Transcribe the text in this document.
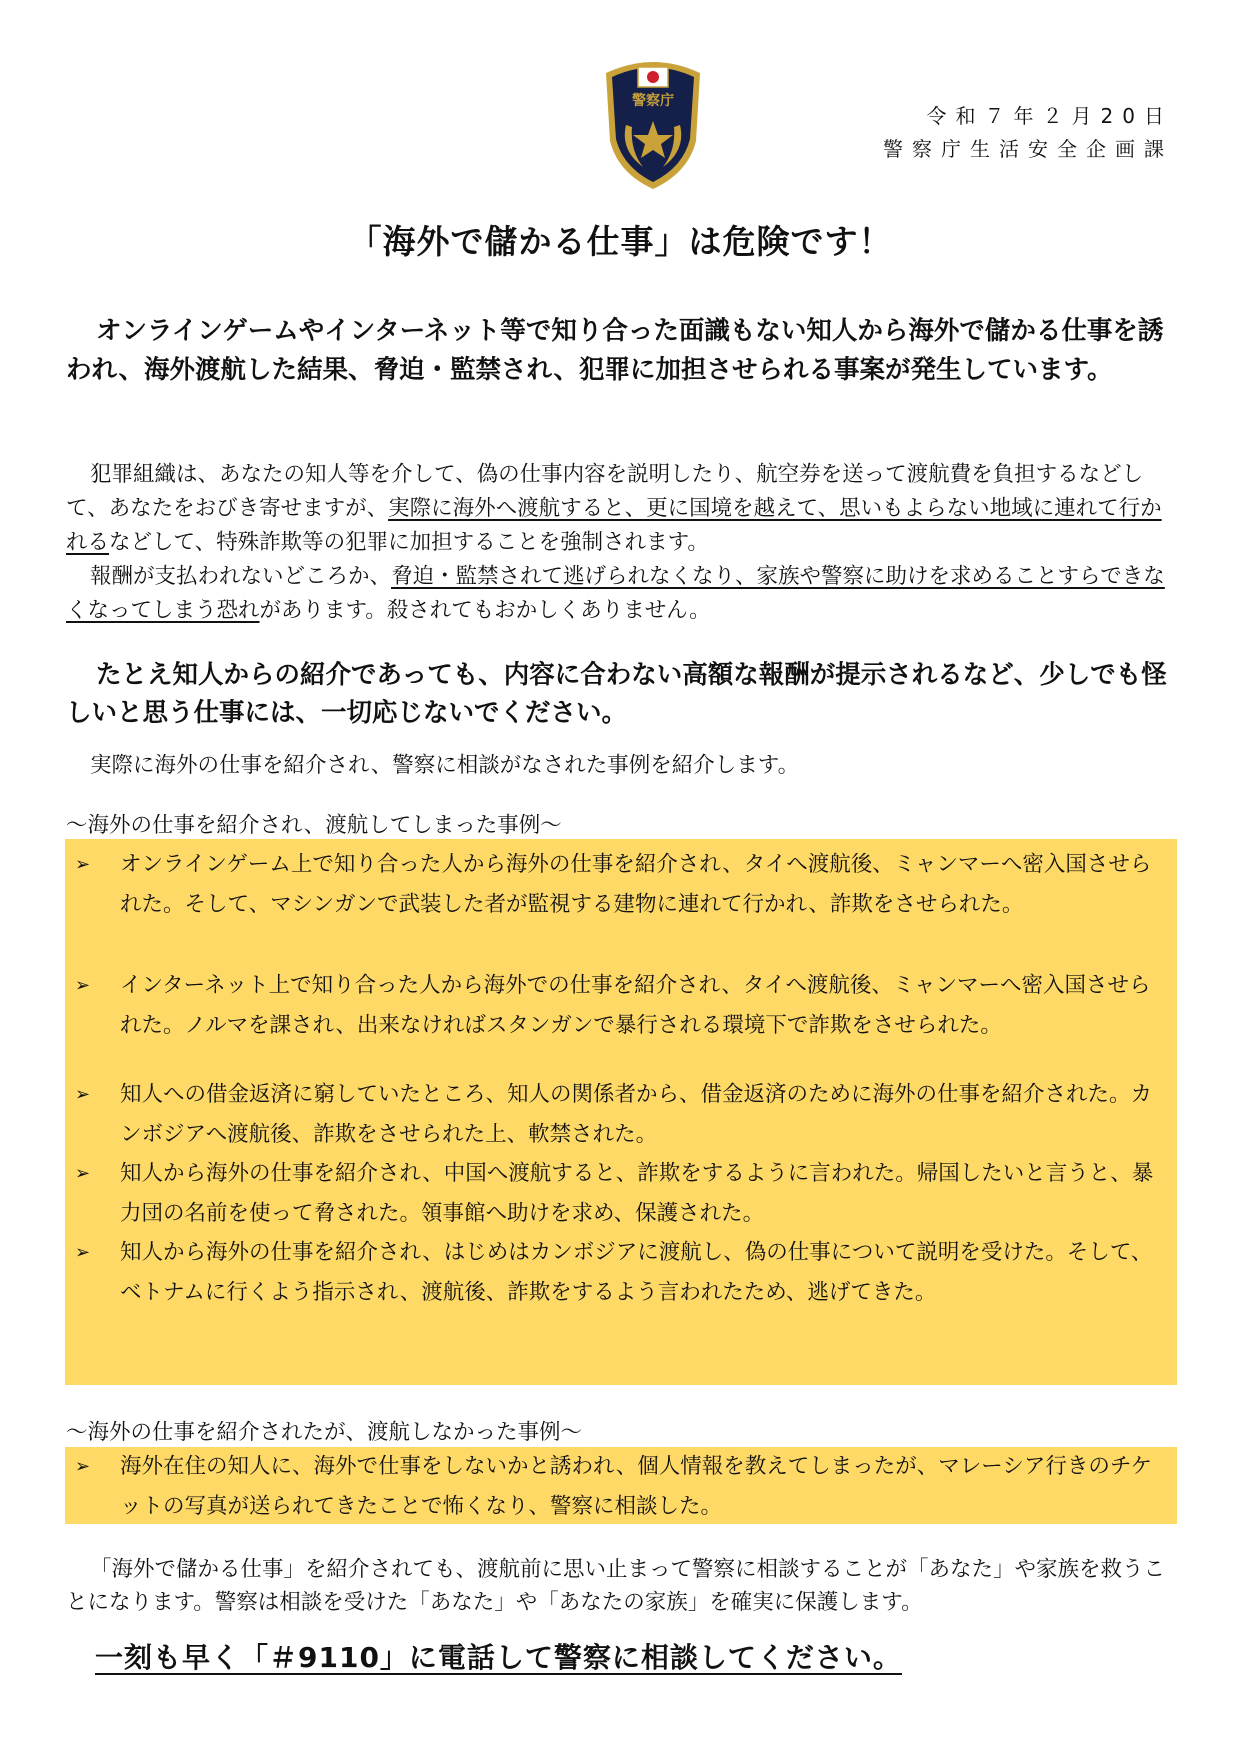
警察庁
令和７年２月20日
警察庁生活安全企画課
「海外で儲かる仕事」は危険です！
オンラインゲームやインターネット等で知り合った面識もない知人から海外で儲かる仕事を誘われ、海外渡航した結果、脅迫・監禁され、犯罪に加担させられる事案が発生しています。

犯罪組織は、あなたの知人等を介して、偽の仕事内容を説明したり、航空券を送って渡航費を負担するなどして、あなたをおびき寄せますが、実際に海外へ渡航すると、更に国境を越えて、思いもよらない地域に連れて行かれるなどして、特殊詐欺等の犯罪に加担することを強制されます。

報酬が支払われないどころか、脅迫・監禁されて逃げられなくなり、家族や警察に助けを求めることすらできなくなってしまう恐れがあります。殺されてもおかしくありません。

たとえ知人からの紹介であっても、内容に合わない高額な報酬が提示されるなど、少しでも怪しいと思う仕事には、一切応じないでください。
実際に海外の仕事を紹介され、警察に相談がなされた事例を紹介します。
～海外の仕事を紹介され、渡航してしまった事例～
➢ オンラインゲーム上で知り合った人から海外の仕事を紹介され、タイへ渡航後、ミャンマーへ密入国させられた。そして、マシンガンで武装した者が監視する建物に連れて行かれ、詐欺をさせられた。
➢ インターネット上で知り合った人から海外での仕事を紹介され、タイへ渡航後、ミャンマーへ密入国させられた。ノルマを課され、出来なければスタンガンで暴行される環境下で詐欺をさせられた。
➢ 知人への借金返済に窮していたところ、知人の関係者から、借金返済のために海外の仕事を紹介された。カンボジアへ渡航後、詐欺をさせられた上、軟禁された。
➢ 知人から海外の仕事を紹介され、中国へ渡航すると、詐欺をするように言われた。帰国したいと言うと、暴力団の名前を使って脅された。領事館へ助けを求め、保護された。
➢ 知人から海外の仕事を紹介され、はじめはカンボジアに渡航し、偽の仕事について説明を受けた。そして、ベトナムに行くよう指示され、渡航後、詐欺をするよう言われたため、逃げてきた。
～海外の仕事を紹介されたが、渡航しなかった事例～
➢ 海外在住の知人に、海外で仕事をしないかと誘われ、個人情報を教えてしまったが、マレーシア行きのチケットの写真が送られてきたことで怖くなり、警察に相談した。
「海外で儲かる仕事」を紹介されても、渡航前に思い止まって警察に相談することが「あなた」や家族を救うことになります。警察は相談を受けた「あなた」や「あなたの家族」を確実に保護します。
一刻も早く「＃9110」に電話して警察に相談してください。
